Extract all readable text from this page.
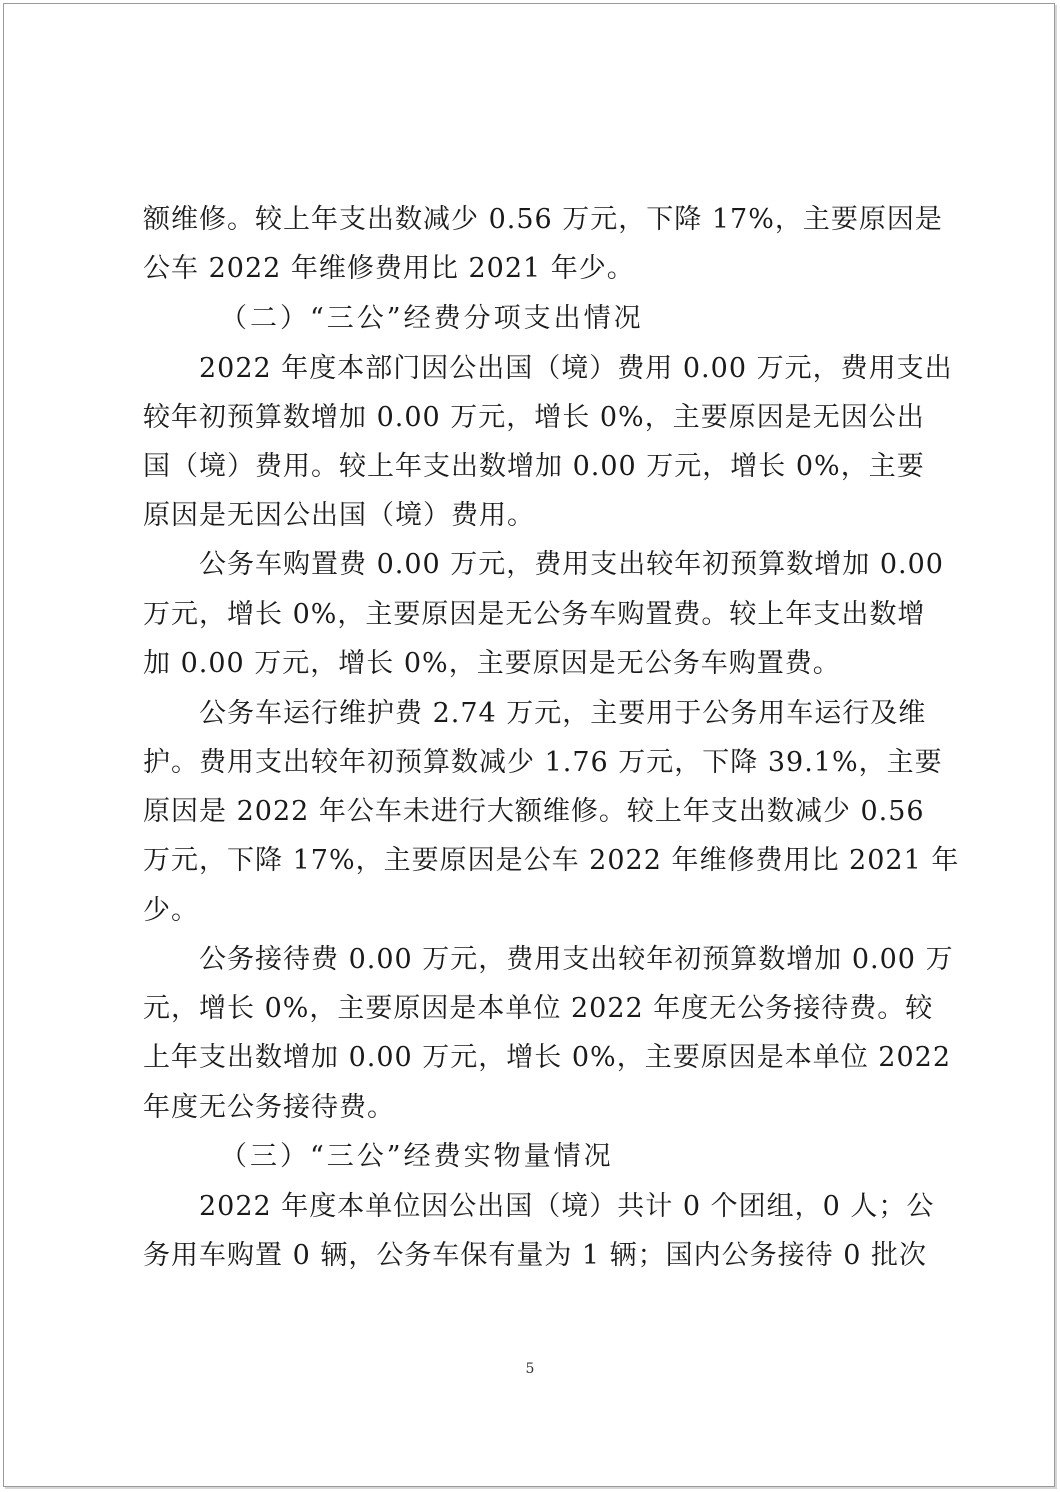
额维修。较上年支出数减少 0.56 万元，下降 17%，主要原因是
公车 2022 年维修费用比 2021 年少。
（二）“三公”经费分项支出情况
2022 年度本部门因公出国（境）费用 0.00 万元，费用支出
较年初预算数增加 0.00 万元，增长 0%，主要原因是无因公出
国（境）费用。较上年支出数增加 0.00 万元，增长 0%，主要
原因是无因公出国（境）费用。
公务车购置费 0.00 万元，费用支出较年初预算数增加 0.00
万元，增长 0%，主要原因是无公务车购置费。较上年支出数增
加 0.00 万元，增长 0%，主要原因是无公务车购置费。
公务车运行维护费 2.74 万元，主要用于公务用车运行及维
护。费用支出较年初预算数减少 1.76 万元，下降 39.1%，主要
原因是 2022 年公车未进行大额维修。较上年支出数减少 0.56
万元，下降 17%，主要原因是公车 2022 年维修费用比 2021 年
少。
公务接待费 0.00 万元，费用支出较年初预算数增加 0.00 万
元，增长 0%，主要原因是本单位 2022 年度无公务接待费。较
上年支出数增加 0.00 万元，增长 0%，主要原因是本单位 2022
年度无公务接待费。
（三）“三公”经费实物量情况
2022 年度本单位因公出国（境）共计 0 个团组，0 人；公
务用车购置 0 辆，公务车保有量为 1 辆；国内公务接待 0 批次
5
